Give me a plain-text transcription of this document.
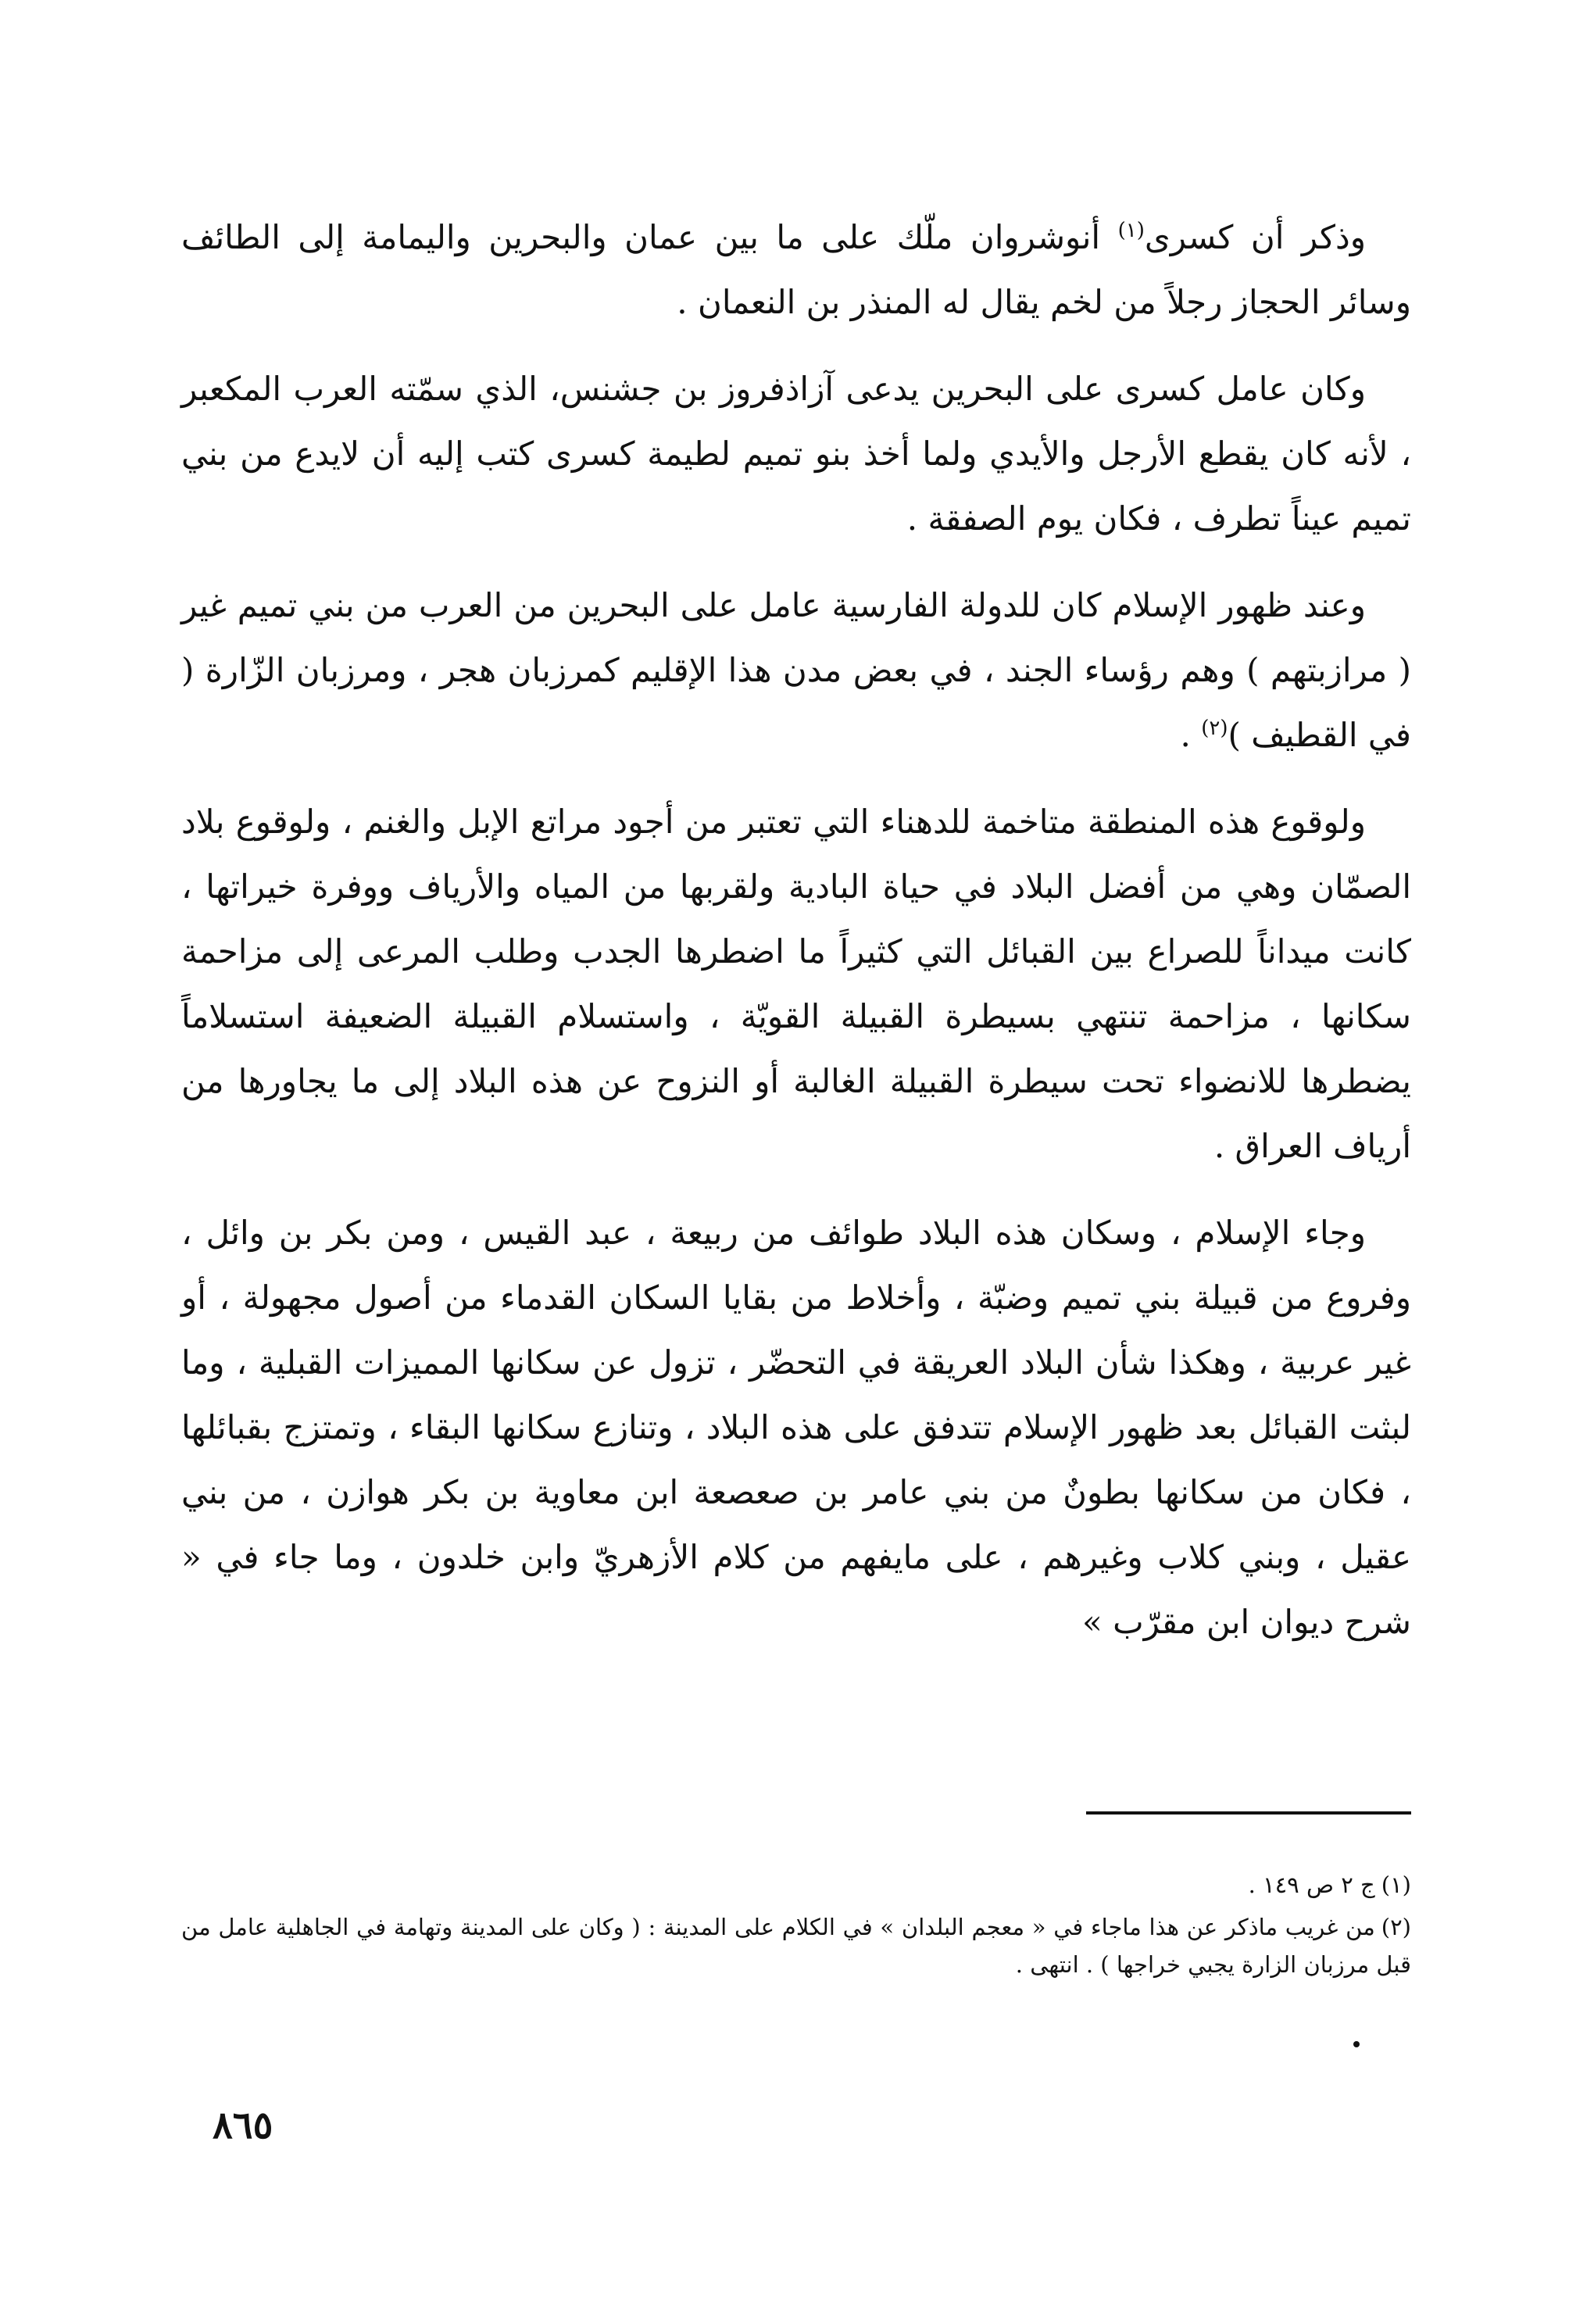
وذكر أن كسرى$^{(١)}$ أنوشروان ملّك على ما بين عمان والبحرين واليمامة إلى الطائف وسائر الحجاز رجلاً من لخم يقال له المنذر بن النعمان .

وكان عامل كسرى على البحرين يدعى آزاذفروز بن جشنس، الذي سمّته العرب المكعبر ، لأنه كان يقطع الأرجل والأيدي ولما أخذ بنو تميم لطيمة كسرى كتب إليه أن لايدع من بني تميم عيناً تطرف ، فكان يوم الصفقة .

وعند ظهور الإسلام كان للدولة الفارسية عامل على البحرين من العرب من بني تميم غير ( مرازبتهم ) وهم رؤساء الجند ، في بعض مدن هذا الإقليم كمرزبان هجر ، ومرزبان الزّارة ( في القطيف )$^{(٢)}$ .

ولوقوع هذه المنطقة متاخمة للدهناء التي تعتبر من أجود مراتع الإبل والغنم ، ولوقوع بلاد الصمّان وهي من أفضل البلاد في حياة البادية ولقربها من المياه والأرياف ووفرة خيراتها ، كانت ميداناً للصراع بين القبائل التي كثيراً ما اضطرها الجدب وطلب المرعى إلى مزاحمة سكانها ، مزاحمة تنتهي بسيطرة القبيلة القويّة ، واستسلام القبيلة الضعيفة استسلاماً يضطرها للانضواء تحت سيطرة القبيلة الغالبة أو النزوح عن هذه البلاد إلى ما يجاورها من أرياف العراق .

وجاء الإسلام ، وسكان هذه البلاد طوائف من ربيعة ، عبد القيس ، ومن بكر بن وائل ، وفروع من قبيلة بني تميم وضبّة ، وأخلاط من بقايا السكان القدماء من أصول مجهولة ، أو غير عربية ، وهكذا شأن البلاد العريقة في التحضّر ، تزول عن سكانها المميزات القبلية ، وما لبثت القبائل بعد ظهور الإسلام تتدفق على هذه البلاد ، وتنازع سكانها البقاء ، وتمتزج بقبائلها ، فكان من سكانها بطونٌ من بني عامر بن صعصعة ابن معاوية بن بكر هوازن ، من بني عقيل ، وبني كلاب وغيرهم ، على مايفهم من كلام الأزهريّ وابن خلدون ، وما جاء في « شرح ديوان ابن مقرّب »

(١)ج ٢ ص ١٤٩ .

(٢)من غريب ماذكر عن هذا ماجاء في « معجم البلدان » في الكلام على المدينة : ( وكان على المدينة وتهامة في الجاهلية عامل من قبل مرزبان الزارة يجبي خراجها ) . انتهى .

٨٦٥
